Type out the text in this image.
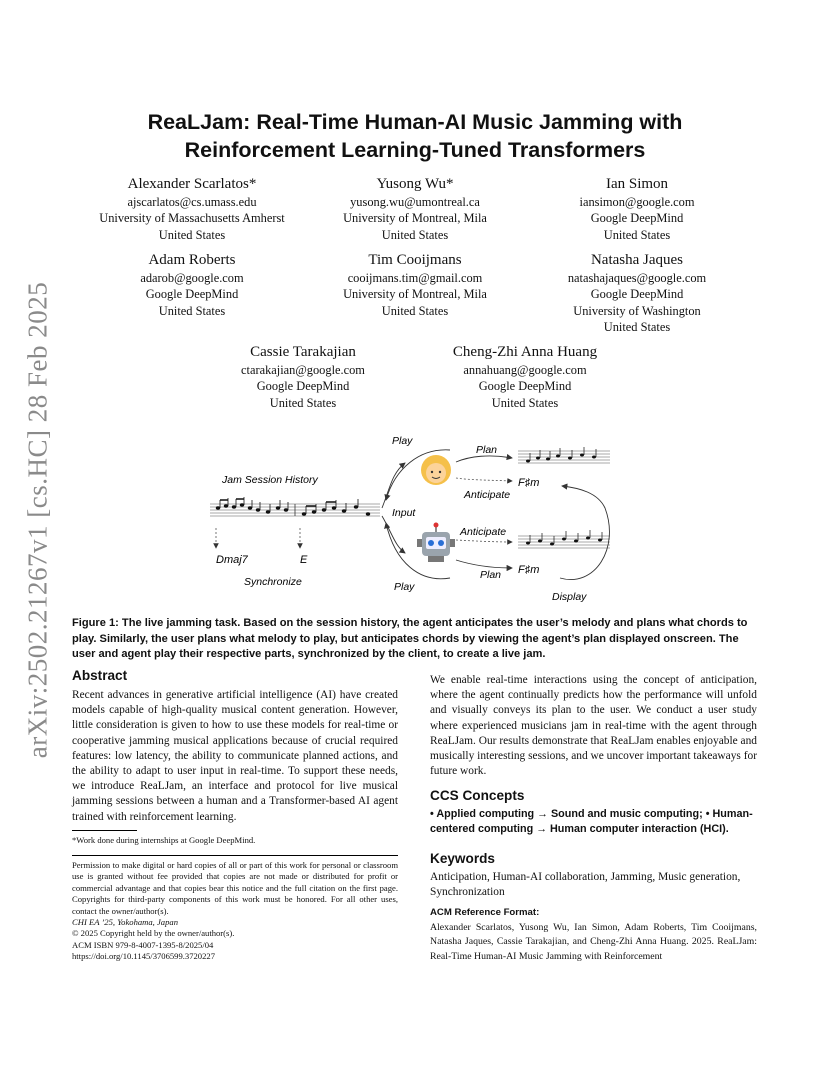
arXiv:2502.21267v1 [cs.HC] 28 Feb 2025
ReaLJam: Real-Time Human-AI Music Jamming with
Reinforcement Learning-Tuned Transformers
Alexander Scarlatos*
ajscarlatos@cs.umass.edu
University of Massachusetts Amherst
United States
Yusong Wu*
yusong.wu@umontreal.ca
University of Montreal, Mila
United States
Ian Simon
iansimon@google.com
Google DeepMind
United States
Adam Roberts
adarob@google.com
Google DeepMind
United States
Tim Cooijmans
cooijmans.tim@gmail.com
University of Montreal, Mila
United States
Natasha Jaques
natashajaques@google.com
Google DeepMind
University of Washington
United States
Cassie Tarakajian
ctarakajian@google.com
Google DeepMind
United States
Cheng-Zhi Anna Huang
annahuang@google.com
Google DeepMind
United States
Jam Session History
Dmaj7	E
Synchronize
Input
Play
Play
Plan
F♯m
Anticipate
Anticipate
Plan F♯m
Display
Figure 1: The live jamming task. Based on the session history, the agent anticipates the user’s melody and plans what chords to play. Similarly, the user plans what melody to play, but anticipates chords by viewing the agent’s plan displayed onscreen. The user and agent play their respective parts, synchronized by the client, to create a live jam.
Abstract
Recent advances in generative artificial intelligence (AI) have created models capable of high-quality musical content generation. However, little consideration is given to how to use these models for real-time or cooperative jamming musical applications because of crucial required features: low latency, the ability to communicate planned actions, and the ability to adapt to user input in real-time. To support these needs, we introduce ReaLJam, an interface and protocol for live musical jamming sessions between a human and a Transformer-based AI agent trained with reinforcement learning.
*Work done during internships at Google DeepMind.
Permission to make digital or hard copies of all or part of this work for personal or classroom use is granted without fee provided that copies are not made or distributed for profit or commercial advantage and that copies bear this notice and the full citation on the first page. Copyrights for third-party components of this work must be honored. For all other uses, contact the owner/author(s).
CHI EA ’25, Yokohama, Japan
© 2025 Copyright held by the owner/author(s).
ACM ISBN 979-8-4007-1395-8/2025/04
https://doi.org/10.1145/3706599.3720227
We enable real-time interactions using the concept of anticipation, where the agent continually predicts how the performance will unfold and visually conveys its plan to the user. We conduct a user study where experienced musicians jam in real-time with the agent through ReaLJam. Our results demonstrate that ReaLJam enables enjoyable and musically interesting sessions, and we uncover important takeaways for future work.
CCS Concepts
• Applied computing → Sound and music computing; • Human-centered computing → Human computer interaction (HCI).
Keywords
Anticipation, Human-AI collaboration, Jamming, Music generation, Synchronization
ACM Reference Format:
Alexander Scarlatos, Yusong Wu, Ian Simon, Adam Roberts, Tim Cooijmans, Natasha Jaques, Cassie Tarakajian, and Cheng-Zhi Anna Huang. 2025. ReaLJam: Real-Time Human-AI Music Jamming with Reinforcement
